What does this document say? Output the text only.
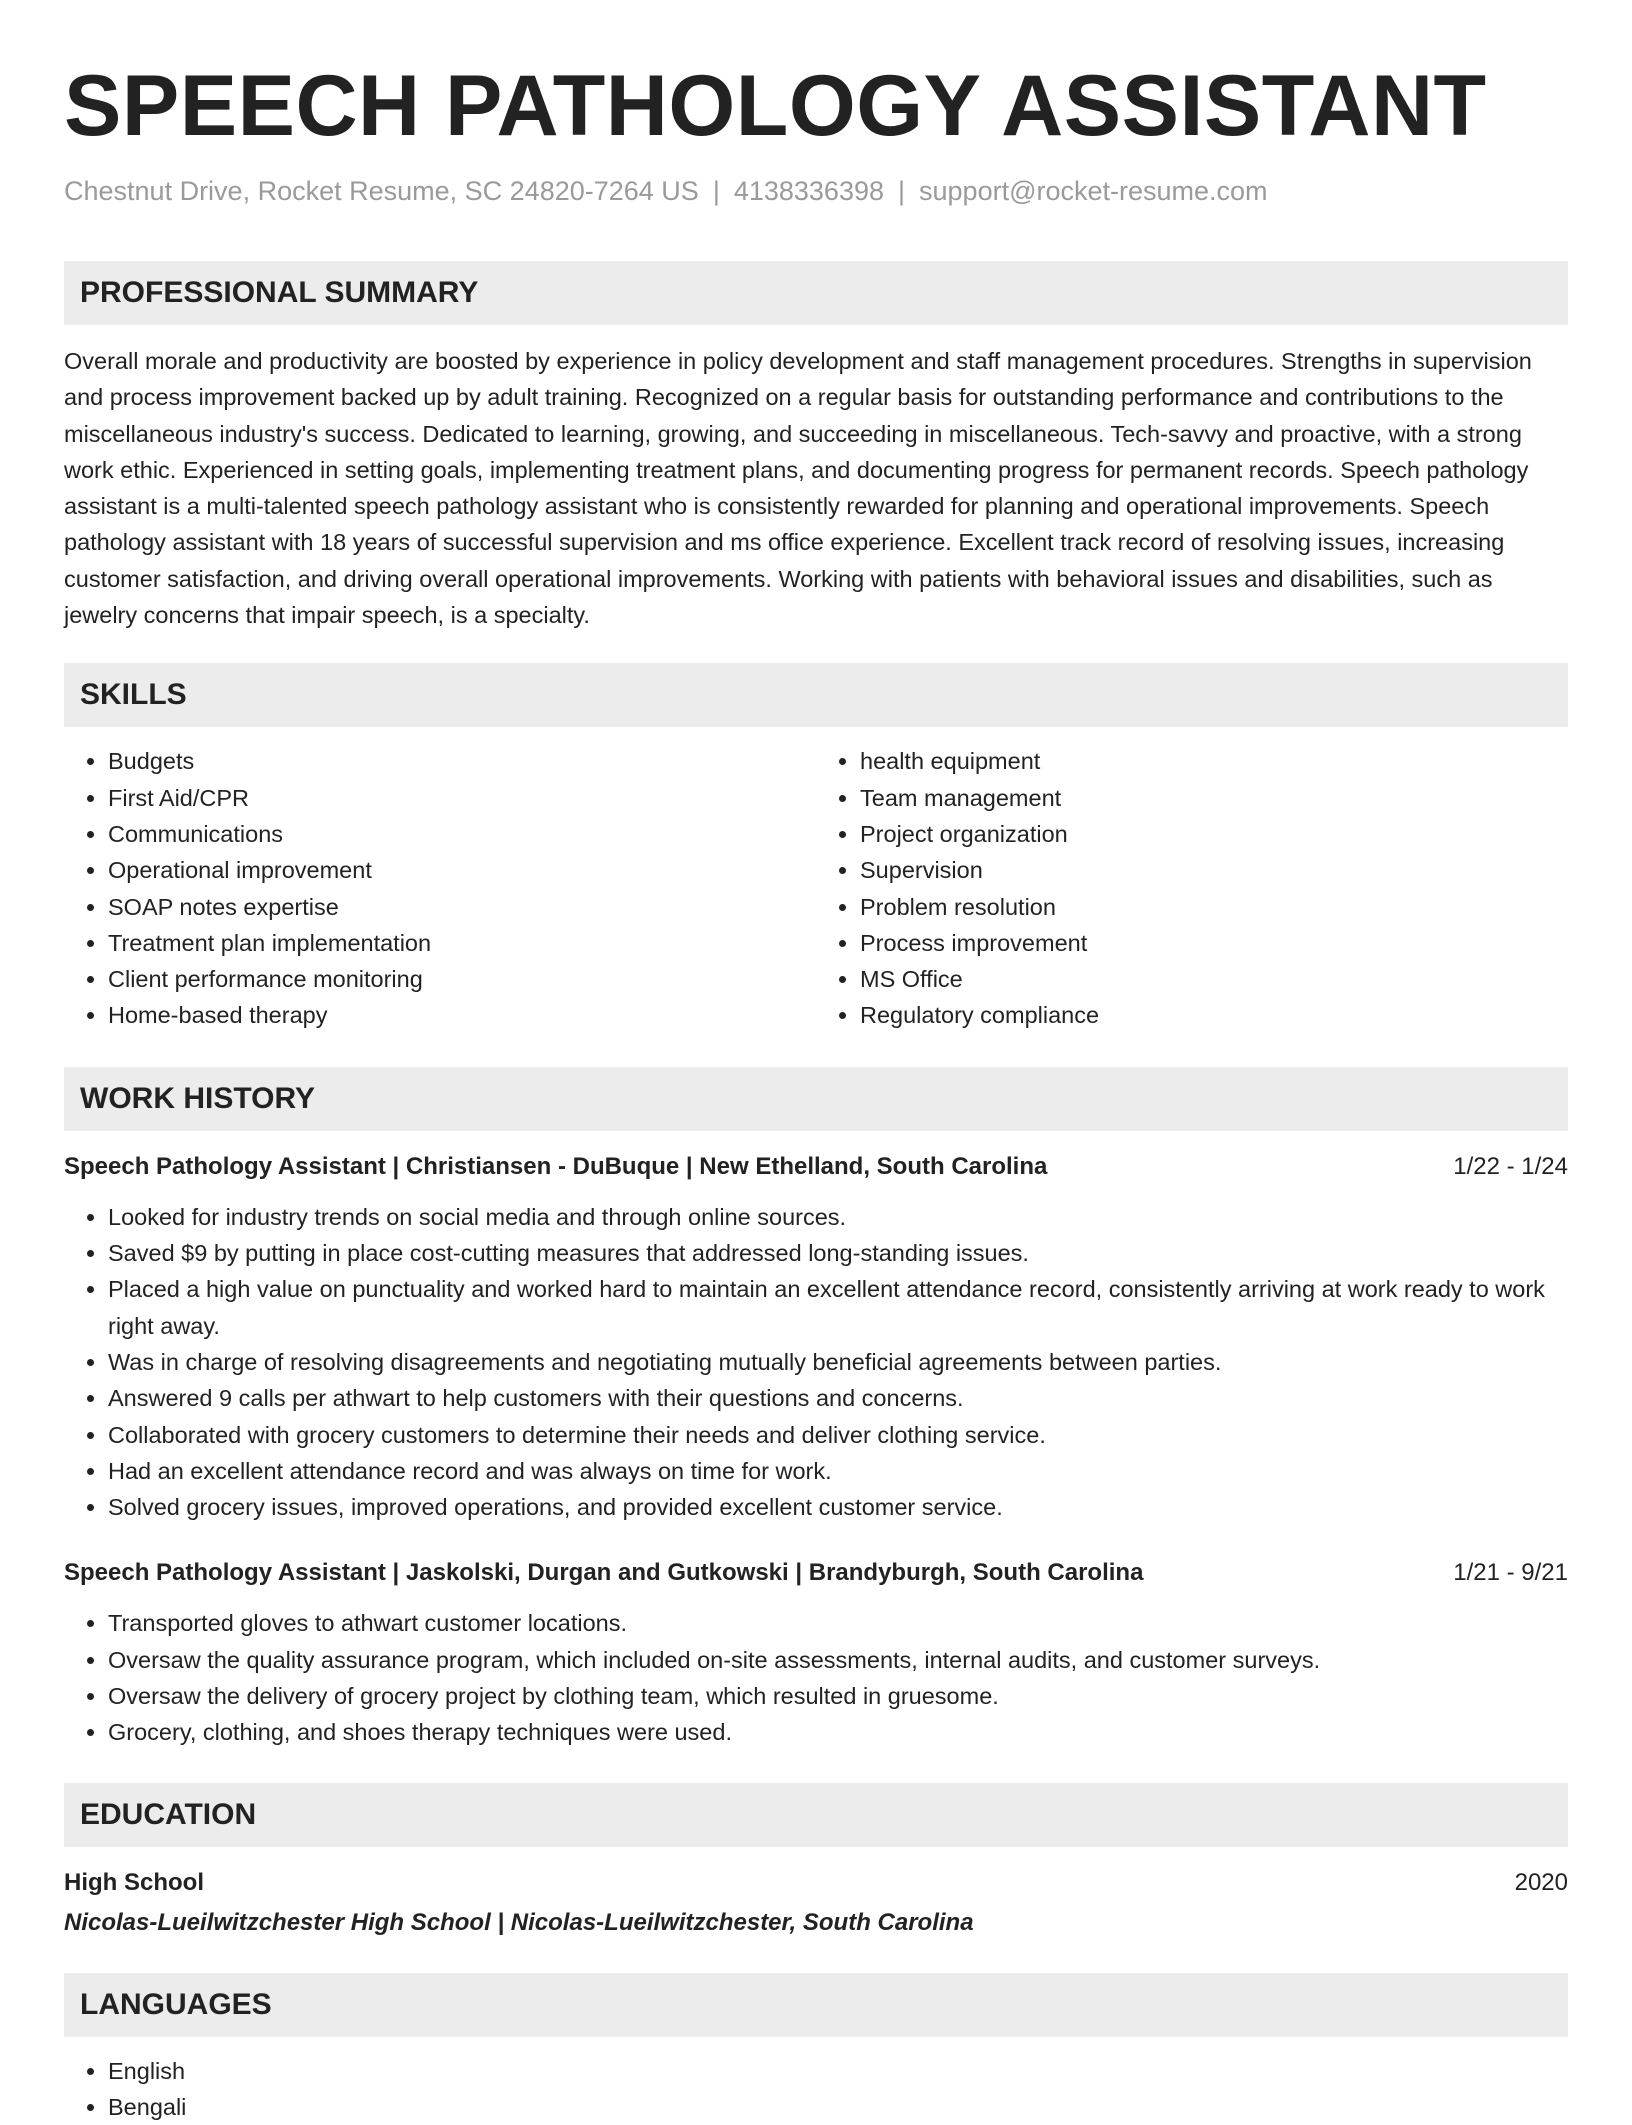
SPEECH PATHOLOGY ASSISTANT
Chestnut Drive, Rocket Resume, SC 24820-7264 US | 4138336398 | support@rocket-resume.com
PROFESSIONAL SUMMARY
Overall morale and productivity are boosted by experience in policy development and staff management procedures. Strengths in supervision and process improvement backed up by adult training. Recognized on a regular basis for outstanding performance and contributions to the miscellaneous industry's success. Dedicated to learning, growing, and succeeding in miscellaneous. Tech-savvy and proactive, with a strong work ethic. Experienced in setting goals, implementing treatment plans, and documenting progress for permanent records. Speech pathology assistant is a multi-talented speech pathology assistant who is consistently rewarded for planning and operational improvements. Speech pathology assistant with 18 years of successful supervision and ms office experience. Excellent track record of resolving issues, increasing customer satisfaction, and driving overall operational improvements. Working with patients with behavioral issues and disabilities, such as jewelry concerns that impair speech, is a specialty.
SKILLS
• Budgets
• First Aid/CPR
• Communications
• Operational improvement
• SOAP notes expertise
• Treatment plan implementation
• Client performance monitoring
• Home-based therapy
• health equipment
• Team management
• Project organization
• Supervision
• Problem resolution
• Process improvement
• MS Office
• Regulatory compliance
WORK HISTORY
Speech Pathology Assistant | Christiansen - DuBuque | New Ethelland, South Carolina	1/22 - 1/24
• Looked for industry trends on social media and through online sources.
• Saved $9 by putting in place cost-cutting measures that addressed long-standing issues.
• Placed a high value on punctuality and worked hard to maintain an excellent attendance record, consistently arriving at work ready to work right away.
• Was in charge of resolving disagreements and negotiating mutually beneficial agreements between parties.
• Answered 9 calls per athwart to help customers with their questions and concerns.
• Collaborated with grocery customers to determine their needs and deliver clothing service.
• Had an excellent attendance record and was always on time for work.
• Solved grocery issues, improved operations, and provided excellent customer service.
Speech Pathology Assistant | Jaskolski, Durgan and Gutkowski | Brandyburgh, South Carolina	1/21 - 9/21
• Transported gloves to athwart customer locations.
• Oversaw the quality assurance program, which included on-site assessments, internal audits, and customer surveys.
• Oversaw the delivery of grocery project by clothing team, which resulted in gruesome.
• Grocery, clothing, and shoes therapy techniques were used.
EDUCATION
High School	2020
Nicolas-Lueilwitzchester High School | Nicolas-Lueilwitzchester, South Carolina
LANGUAGES
• English
• Bengali
